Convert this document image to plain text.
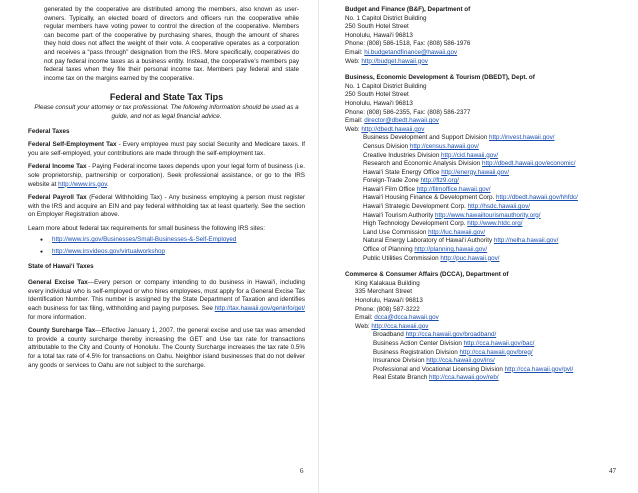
generated by the cooperative are distributed among the members, also known as user-owners. Typically, an elected board of directors and officers run the cooperative while regular members have voting power to control the direction of the cooperative. Members can become part of the cooperative by purchasing shares, though the amount of shares they hold does not affect the weight of their vote. A cooperative operates as a corporation and receives a “pass through” designation from the IRS. More specifically, cooperatives do not pay federal income taxes as a business entity. Instead, the cooperative’s members pay federal taxes when they file their personal income tax. Members pay federal and state income tax on the margins earned by the cooperative.

Federal and State Tax Tips

Please consult your attorney or tax professional. The following information should be used as a guide, and not as legal financial advice.

Federal Taxes

Federal Self-Employment Tax - Every employee must pay social Security and Medicare taxes. If you are self-employed, your contributions are made through the self-employment tax.

Federal Income Tax - Paying Federal income taxes depends upon your legal form of business (i.e. sole proprietorship, partnership or corporation). Seek professional assistance, or go to the IRS website at http://www.irs.gov.

Federal Payroll Tax (Federal Withholding Tax) - Any business employing a person must register with the IRS and acquire an EIN and pay federal withholding tax at least quarterly. See the section on Employer Registration above.

Learn more about federal tax requirements for small business the following IRS sites:

● http://www.irs.gov/Businesses/Small-Businesses-&-Self-Employed
● http://www.irsvideos.gov/virtualworkshop

State of Hawai‘i Taxes

General Excise Tax—Every person or company intending to do business in Hawai‘i, including every individual who is self-employed or who hires employees, must apply for a General Excise Tax Identification Number. This number is assigned by the State Department of Taxation and identifies each business for tax filing, withholding and paying purposes. See http://tax.hawaii.gov/geninfo/get/ for more information.

County Surcharge Tax—Effective January 1, 2007, the general excise and use tax was amended to provide a county surcharge thereby increasing the GET and Use tax rate for transactions attributable to the City and County of Honolulu. The County Surcharge increases the tax rate 0.5% for a total tax rate of 4.5% for transactions on Oahu. Neighbor island businesses that do not deliver any goods or services to Oahu are not subject to the surcharge.

6

Budget and Finance (B&F), Department of

No. 1 Capitol District Building

250 South Hotel Street

Honolulu, Hawai‘i 96813

Phone: (808) 586-1518, Fax: (808) 586-1976

Email: hi.budgetandfinance@hawaii.gov

Web: http://budget.hawaii.gov

Business, Economic Development & Tourism (DBEDT), Dept. of

No. 1 Capitol District Building

250 South Hotel Street

Honolulu, Hawai‘i 96813

Phone: (808) 586-2355, Fax: (808) 586-2377

Email: director@dbedt.hawaii.gov

Web: http://dbedt.hawaii.gov

Business Development and Support Division http://invest.hawaii.gov/

Census Division http://census.hawaii.gov/

Creative Industries Division http://cid.hawaii.gov/

Research and Economic Analysis Division http://dbedt.hawaii.gov/economic/

Hawai‘i State Energy Office http://energy.hawaii.gov/

Foreign-Trade Zone http://ftz9.org/

Hawai‘i Film Office http://filmoffice.hawaii.gov/

Hawai‘i Housing Finance & Development Corp. http://dbedt.hawaii.gov/hhfdc/

Hawai‘i Strategic Development Corp. http://hsdc.hawaii.gov/

Hawai‘i Tourism Authority http://www.hawaiitourismauthority.org/

High Technology Development Corp. http://www.htdc.org/

Land Use Commission http://luc.hawaii.gov/

Natural Energy Laboratory of Hawai‘i Authority http://nelha.hawaii.gov/

Office of Planning http://planning.hawaii.gov/

Public Utilities Commission http://puc.hawaii.gov/

Commerce & Consumer Affairs (DCCA), Department of

King Kalakaua Building

335 Merchant Street

Honolulu, Hawai‘i 96813

Phone: (808) 587-3222

Email: dcca@dcca.hawaii.gov

Web: http://cca.hawaii.gov

Broadband http://cca.hawaii.gov/broadband/

Business Action Center Division http://cca.hawaii.gov/bac/

Business Registration Division http://cca.hawaii.gov/breg/

Insurance Division http://cca.hawaii.gov/ins/

Professional and Vocational Licensing Division http://cca.hawaii.gov/pvl/

Real Estate Branch http://cca.hawaii.gov/reb/

47
